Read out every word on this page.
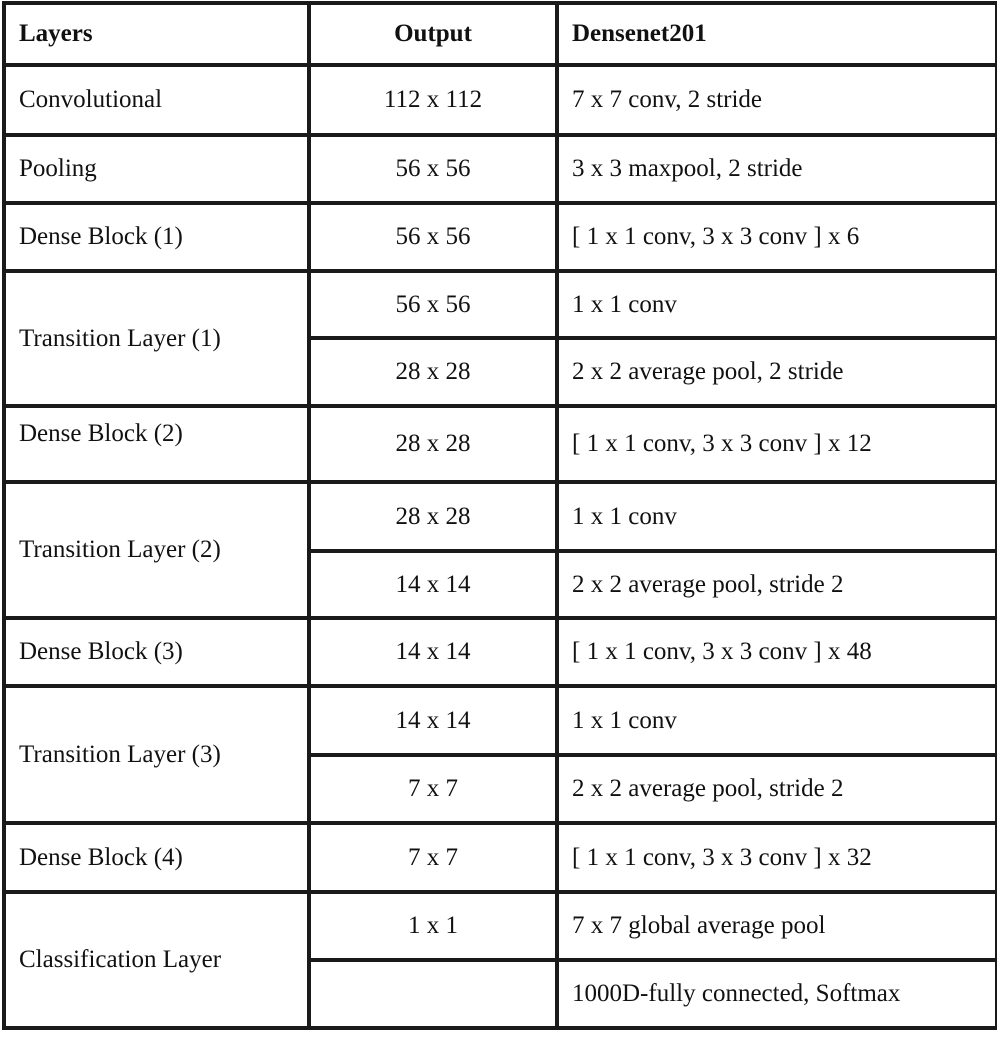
Layers	Output	Densenet201
Convolutional	112 x 112	7 x 7 conv, 2 stride
Pooling	56 x 56	3 x 3 maxpool, 2 stride
Dense Block (1)	56 x 56	[ 1 x 1 conv, 3 x 3 conv ] x 6
Transition Layer (1)	56 x 56	1 x 1 conv
	28 x 28	2 x 2 average pool, 2 stride
Dense Block (2)	28 x 28	[ 1 x 1 conv, 3 x 3 conv ] x 12
Transition Layer (2)	28 x 28	1 x 1 conv
	14 x 14	2 x 2 average pool, stride 2
Dense Block (3)	14 x 14	[ 1 x 1 conv, 3 x 3 conv ] x 48
Transition Layer (3)	14 x 14	1 x 1 conv
	7 x 7	2 x 2 average pool, stride 2
Dense Block (4)	7 x 7	[ 1 x 1 conv, 3 x 3 conv ] x 32
Classification Layer	1 x 1	7 x 7 global average pool
		1000D-fully connected, Softmax
